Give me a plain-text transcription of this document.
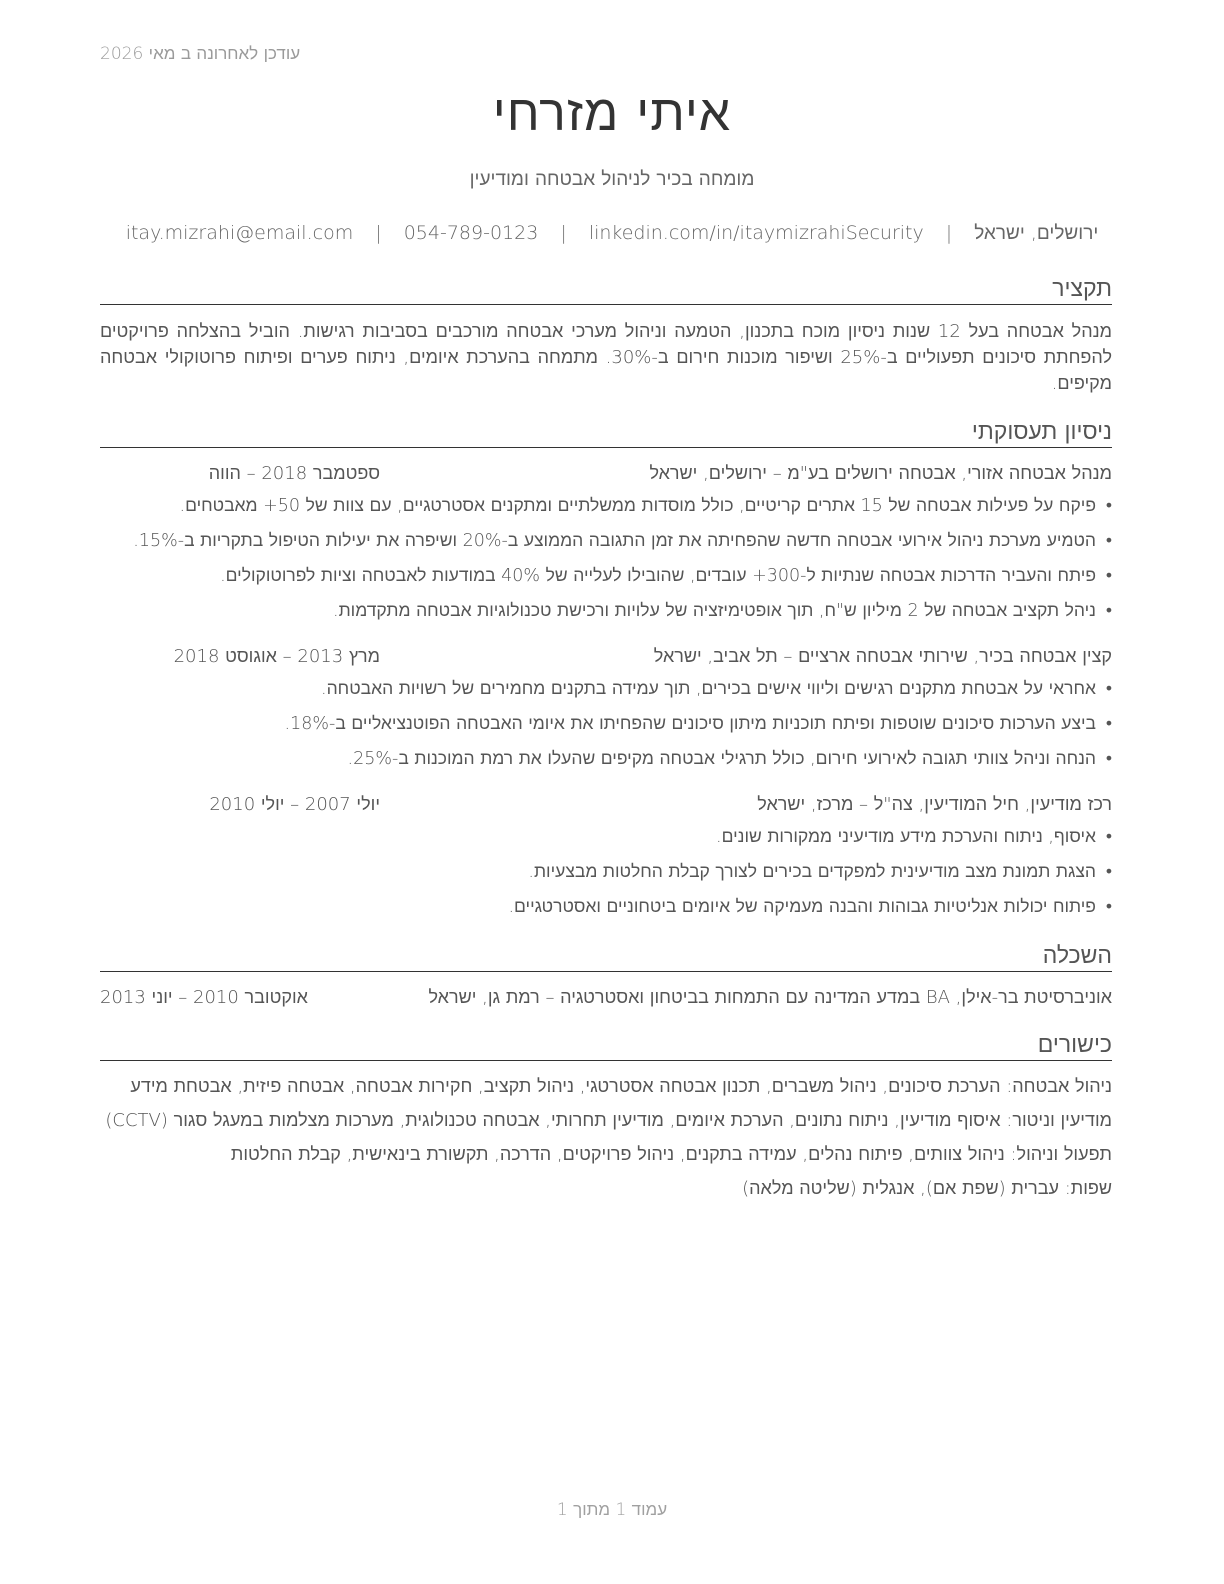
עודכן לאחרונה ב מאי 2026
איתי מזרחי
מומחה בכיר לניהול אבטחה ומודיעין
ירושלים, ישראל | itay.mizrahi@email.com | 054-789-0123 | linkedin.com/in/itaymizrahiSecurity
תקציר

מנהל אבטחה בעל 12 שנות ניסיון מוכח בתכנון, הטמעה וניהול מערכי אבטחה מורכבים בסביבות רגישות. הוביל בהצלחה פרויקטים להפחתת סיכונים תפעוליים ב-25% ושיפור מוכנות חירום ב-30%. מתמחה בהערכת איומים, ניתוח פערים ופיתוח פרוטוקולי אבטחה מקיפים.

ניסיון תעסוקתי
מנהל אבטחה אזורי, אבטחה ירושלים בע"מ – ירושלים, ישראל
ספטמבר 2018 – הווה
• פיקח על פעילות אבטחה של 15 אתרים קריטיים, כולל מוסדות ממשלתיים ומתקנים אסטרטגיים, עם צוות של 50+ מאבטחים.
• הטמיע מערכת ניהול אירועי אבטחה חדשה שהפחיתה את זמן התגובה הממוצע ב-20% ושיפרה את יעילות הטיפול בתקריות ב-15%.
• פיתח והעביר הדרכות אבטחה שנתיות ל-300+ עובדים, שהובילו לעלייה של 40% במודעות לאבטחה וציות לפרוטוקולים.
• ניהל תקציב אבטחה של 2 מיליון ש"ח, תוך אופטימיזציה של עלויות ורכישת טכנולוגיות אבטחה מתקדמות.
קצין אבטחה בכיר, שירותי אבטחה ארציים – תל אביב, ישראל
מרץ 2013 – אוגוסט 2018
• אחראי על אבטחת מתקנים רגישים וליווי אישים בכירים, תוך עמידה בתקנים מחמירים של רשויות האבטחה.
• ביצע הערכות סיכונים שוטפות ופיתח תוכניות מיתון סיכונים שהפחיתו את איומי האבטחה הפוטנציאליים ב-18%.
• הנחה וניהל צוותי תגובה לאירועי חירום, כולל תרגילי אבטחה מקיפים שהעלו את רמת המוכנות ב-25%.
רכז מודיעין, חיל המודיעין, צה"ל – מרכז, ישראל
יולי 2007 – יולי 2010
• איסוף, ניתוח והערכת מידע מודיעיני ממקורות שונים.
• הצגת תמונת מצב מודיעינית למפקדים בכירים לצורך קבלת החלטות מבצעיות.
• פיתוח יכולות אנליטיות גבוהות והבנה מעמיקה של איומים ביטחוניים ואסטרטגיים.
השכלה
אוניברסיטת בר-אילן, BA במדע המדינה עם התמחות בביטחון ואסטרטגיה – רמת גן, ישראל
אוקטובר 2010 – יוני 2013
כישורים

ניהול אבטחה: הערכת סיכונים, ניהול משברים, תכנון אבטחה אסטרטגי, ניהול תקציב, חקירות אבטחה, אבטחה פיזית, אבטחת מידע

מודיעין וניטור: איסוף מודיעין, ניתוח נתונים, הערכת איומים, מודיעין תחרותי, אבטחה טכנולוגית, מערכות מצלמות במעגל סגור (CCTV)

תפעול וניהול: ניהול צוותים, פיתוח נהלים, עמידה בתקנים, ניהול פרויקטים, הדרכה, תקשורת בינאישית, קבלת החלטות

שפות: עברית (שפת אם), אנגלית (שליטה מלאה)

עמוד 1 מתוך 1
